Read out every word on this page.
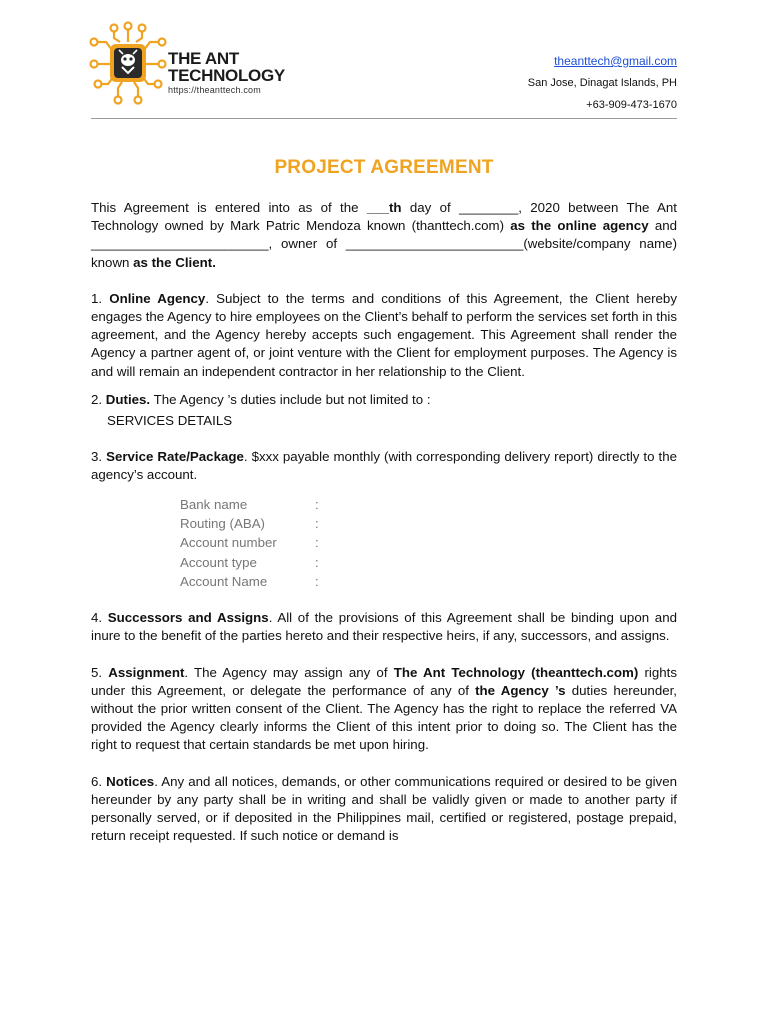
THE ANT
TECHNOLOGY
https://theanttech.com
theanttech@gmail.com
San Jose, Dinagat Islands, PH
+63-909-473-1670
PROJECT AGREEMENT

This Agreement is entered into as of the ___th day of ________, 2020 between The Ant Technology owned by Mark Patric Mendoza known (thanttech.com) as the online agency and ________________________, owner of ________________________(website/company name) known as the Client.

1. Online Agency. Subject to the terms and conditions of this Agreement, the Client hereby engages the Agency to hire employees on the Client’s behalf to perform the services set forth in this agreement, and the Agency hereby accepts such engagement. This Agreement shall render the Agency a partner agent of, or joint venture with the Client for employment purposes. The Agency is and will remain an independent contractor in her relationship to the Client.

2. Duties. The Agency ’s duties include but not limited to :

SERVICES DETAILS

3. Service Rate/Package. $xxx payable monthly (with corresponding delivery report) directly to the agency’s account.

Bank name	:
Routing (ABA)	:
Account number	:
Account type	:
Account Name	:

4. Successors and Assigns. All of the provisions of this Agreement shall be binding upon and inure to the benefit of the parties hereto and their respective heirs, if any, successors, and assigns.

5. Assignment. The Agency may assign any of The Ant Technology (theanttech.com) rights under this Agreement, or delegate the performance of any of the Agency ’s duties hereunder, without the prior written consent of the Client. The Agency has the right to replace the referred VA provided the Agency clearly informs the Client of this intent prior to doing so. The Client has the right to request that certain standards be met upon hiring.

6. Notices. Any and all notices, demands, or other communications required or desired to be given hereunder by any party shall be in writing and shall be validly given or made to another party if personally served, or if deposited in the Philippines mail, certified or registered, postage prepaid, return receipt requested. If such notice or demand is
